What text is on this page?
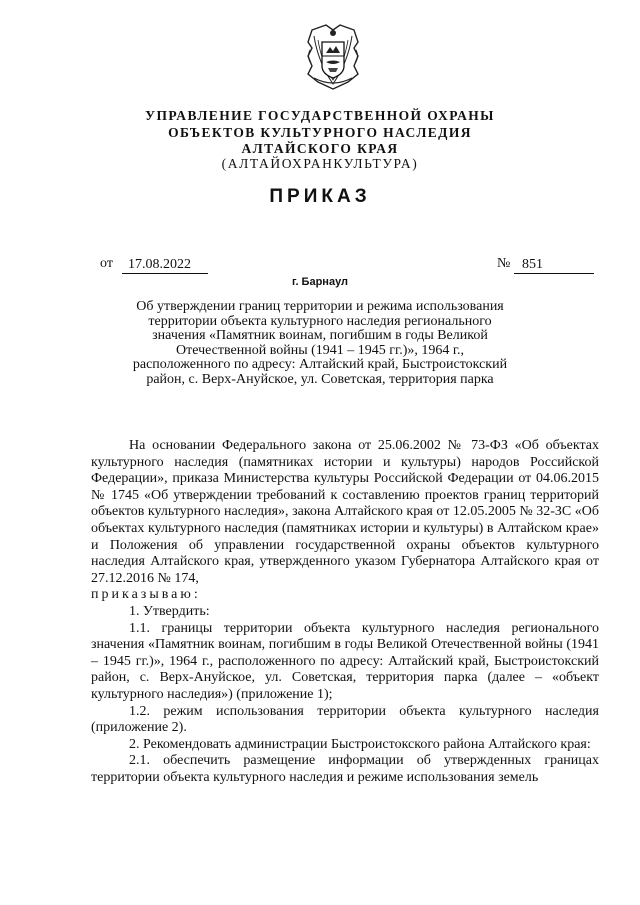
УПРАВЛЕНИЕ ГОСУДАРСТВЕННОЙ ОХРАНЫ
ОБЪЕКТОВ КУЛЬТУРНОГО НАСЛЕДИЯ
АЛТАЙСКОГО КРАЯ
(АЛТАЙОХРАНКУЛЬТУРА)
ПРИКАЗ
от	17.08.2022	№ 851
г. Барнаул
Об утверждении границ территории и режима использования
территории объекта культурного наследия регионального
значения «Памятник воинам, погибшим в годы Великой
Отечественной войны (1941 – 1945 гг.)», 1964 г.,
расположенного по адресу: Алтайский край, Быстроистокский
район, с. Верх-Ануйское, ул. Советская, территория парка
На основании Федерального закона от 25.06.2002 № 73-ФЗ «Об объектах культурного наследия (памятниках истории и культуры) народов Российской Федерации», приказа Министерства культуры Российской Федерации от 04.06.2015 № 1745 «Об утверждении требований к составлению проектов границ территорий объектов культурного наследия», закона Алтайского края от 12.05.2005 № 32-ЗС «Об объектах культурного наследия (памятниках истории и культуры) в Алтайском крае» и Положения об управлении государственной охраны объектов культурного наследия Алтайского края, утвержденного указом Губернатора Алтайского края от 27.12.2016 № 174,
приказываю:
1. Утвердить:
1.1. границы территории объекта культурного наследия регионального значения «Памятник воинам, погибшим в годы Великой Отечественной войны (1941 – 1945 гг.)», 1964 г., расположенного по адресу: Алтайский край, Быстроистокский район, с. Верх-Ануйское, ул. Советская, территория парка (далее – «объект культурного наследия») (приложение 1);
1.2. режим использования территории объекта культурного наследия (приложение 2).
2. Рекомендовать администрации Быстроистокского района Алтайского края:
2.1. обеспечить размещение информации об утвержденных границах территории объекта культурного наследия и режиме использования земель
